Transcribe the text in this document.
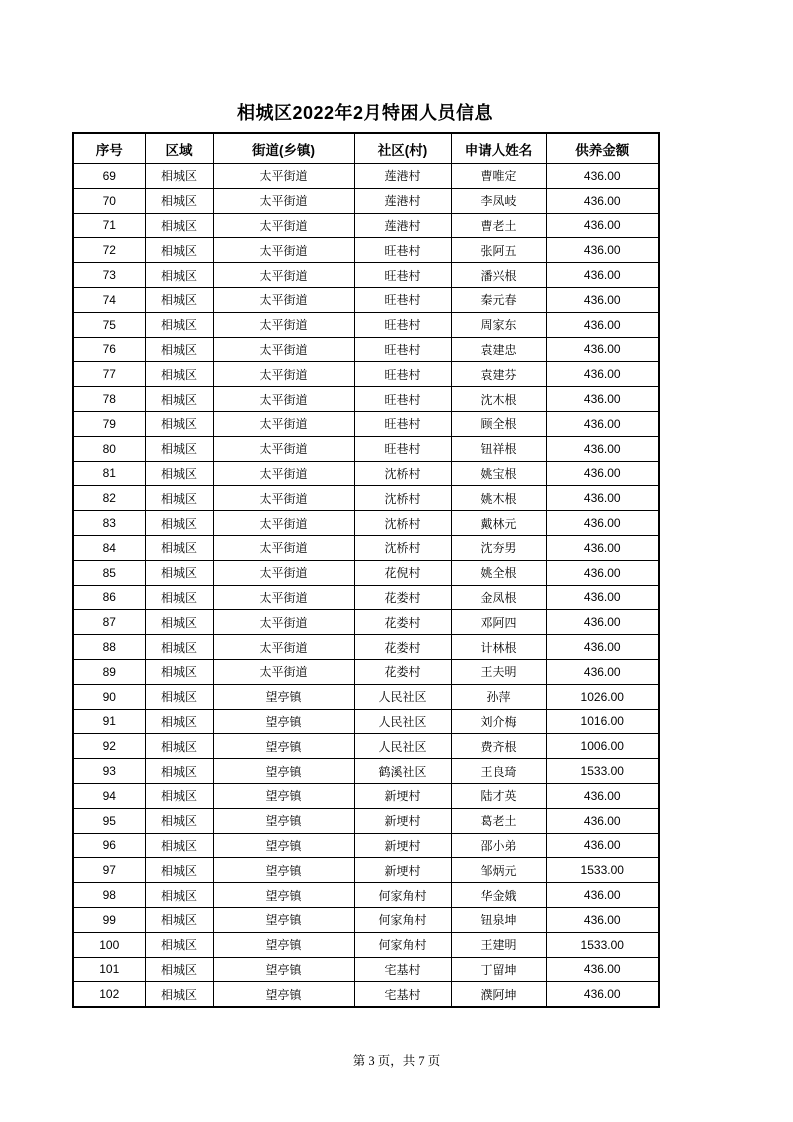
相城区2022年2月特困人员信息
序号	区域	街道(乡镇)	社区(村)	申请人姓名	供养金额
69	相城区	太平街道	莲港村	曹唯定	436.00
70	相城区	太平街道	莲港村	李凤岐	436.00
71	相城区	太平街道	莲港村	曹老土	436.00
72	相城区	太平街道	旺巷村	张阿五	436.00
73	相城区	太平街道	旺巷村	潘兴根	436.00
74	相城区	太平街道	旺巷村	秦元春	436.00
75	相城区	太平街道	旺巷村	周家东	436.00
76	相城区	太平街道	旺巷村	袁建忠	436.00
77	相城区	太平街道	旺巷村	袁建芬	436.00
78	相城区	太平街道	旺巷村	沈木根	436.00
79	相城区	太平街道	旺巷村	顾全根	436.00
80	相城区	太平街道	旺巷村	钮祥根	436.00
81	相城区	太平街道	沈桥村	姚宝根	436.00
82	相城区	太平街道	沈桥村	姚木根	436.00
83	相城区	太平街道	沈桥村	戴林元	436.00
84	相城区	太平街道	沈桥村	沈夯男	436.00
85	相城区	太平街道	花倪村	姚全根	436.00
86	相城区	太平街道	花娄村	金凤根	436.00
87	相城区	太平街道	花娄村	邓阿四	436.00
88	相城区	太平街道	花娄村	计林根	436.00
89	相城区	太平街道	花娄村	王夫明	436.00
90	相城区	望亭镇	人民社区	孙萍	1026.00
91	相城区	望亭镇	人民社区	刘介梅	1016.00
92	相城区	望亭镇	人民社区	费齐根	1006.00
93	相城区	望亭镇	鹤溪社区	王良琦	1533.00
94	相城区	望亭镇	新埂村	陆才英	436.00
95	相城区	望亭镇	新埂村	葛老土	436.00
96	相城区	望亭镇	新埂村	邵小弟	436.00
97	相城区	望亭镇	新埂村	邹炳元	1533.00
98	相城区	望亭镇	何家角村	华金娥	436.00
99	相城区	望亭镇	何家角村	钮泉坤	436.00
100	相城区	望亭镇	何家角村	王建明	1533.00
101	相城区	望亭镇	宅基村	丁留坤	436.00
102	相城区	望亭镇	宅基村	濮阿坤	436.00
第 3 页，共 7 页
